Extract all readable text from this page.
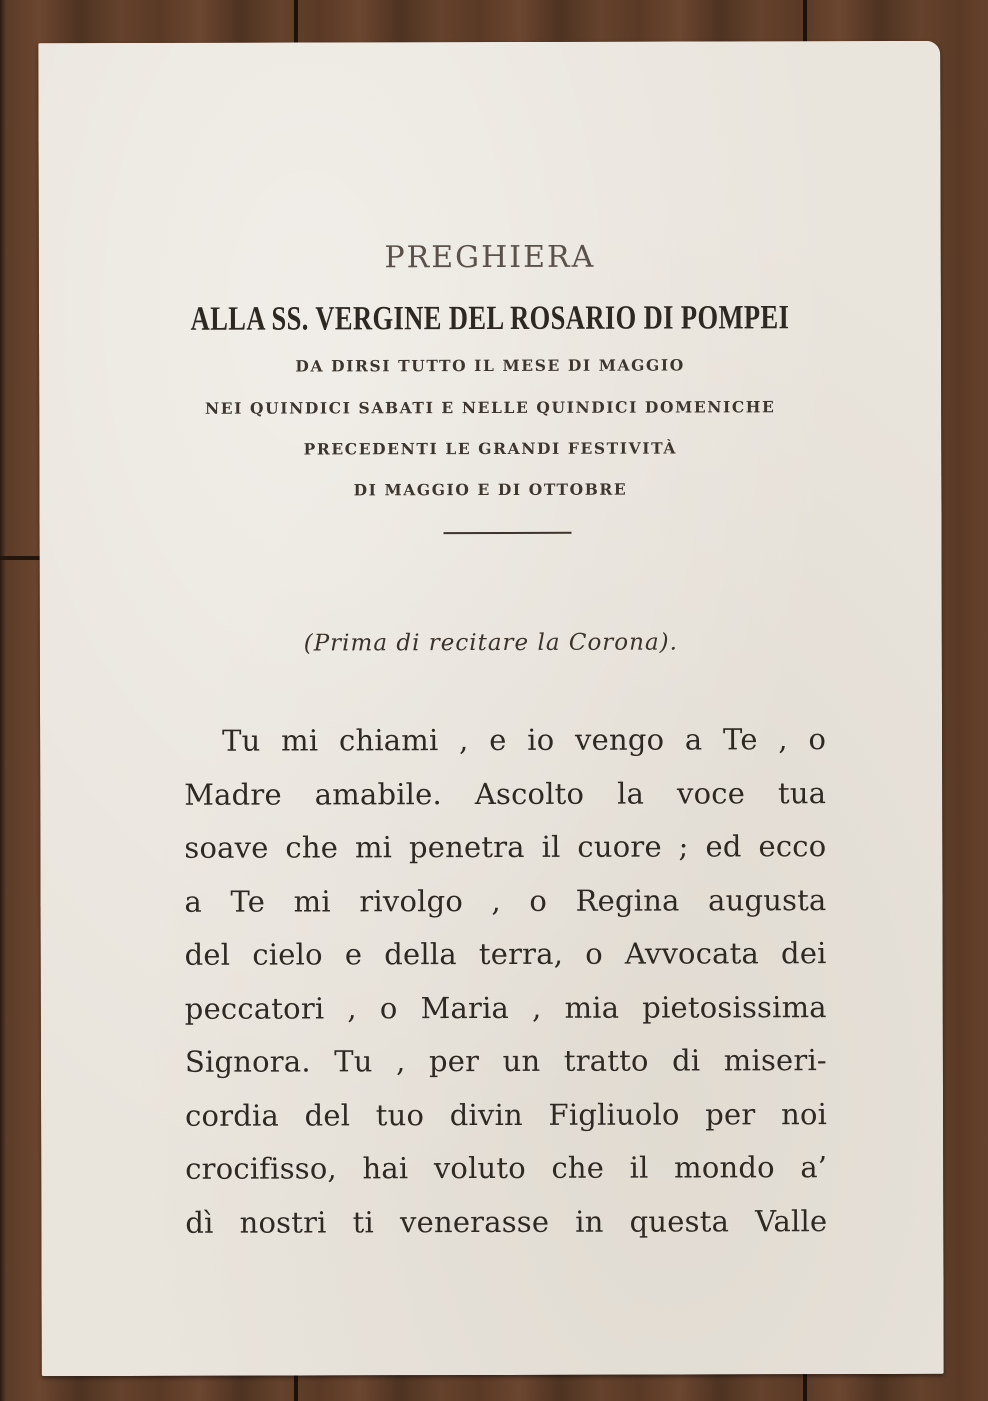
PREGHIERA
ALLA SS. VERGINE DEL ROSARIO DI POMPEI
DA DIRSI TUTTO IL MESE DI MAGGIO
NEI QUINDICI SABATI E NELLE QUINDICI DOMENICHE
PRECEDENTI LE GRANDI FESTIVITÀ
DI MAGGIO E DI OTTOBRE
(Prima di recitare la Corona).
Tu mi chiami , e io vengo a Te , o
Madre amabile. Ascolto la voce tua
soave che mi penetra il cuore ; ed ecco
a Te mi rivolgo , o Regina augusta
del cielo e della terra, o Avvocata dei
peccatori , o Maria , mia pietosissima
Signora. Tu , per un tratto di miseri-
cordia del tuo divin Figliuolo per noi
crocifisso, hai voluto che il mondo a’
dì nostri ti venerasse in questa Valle
